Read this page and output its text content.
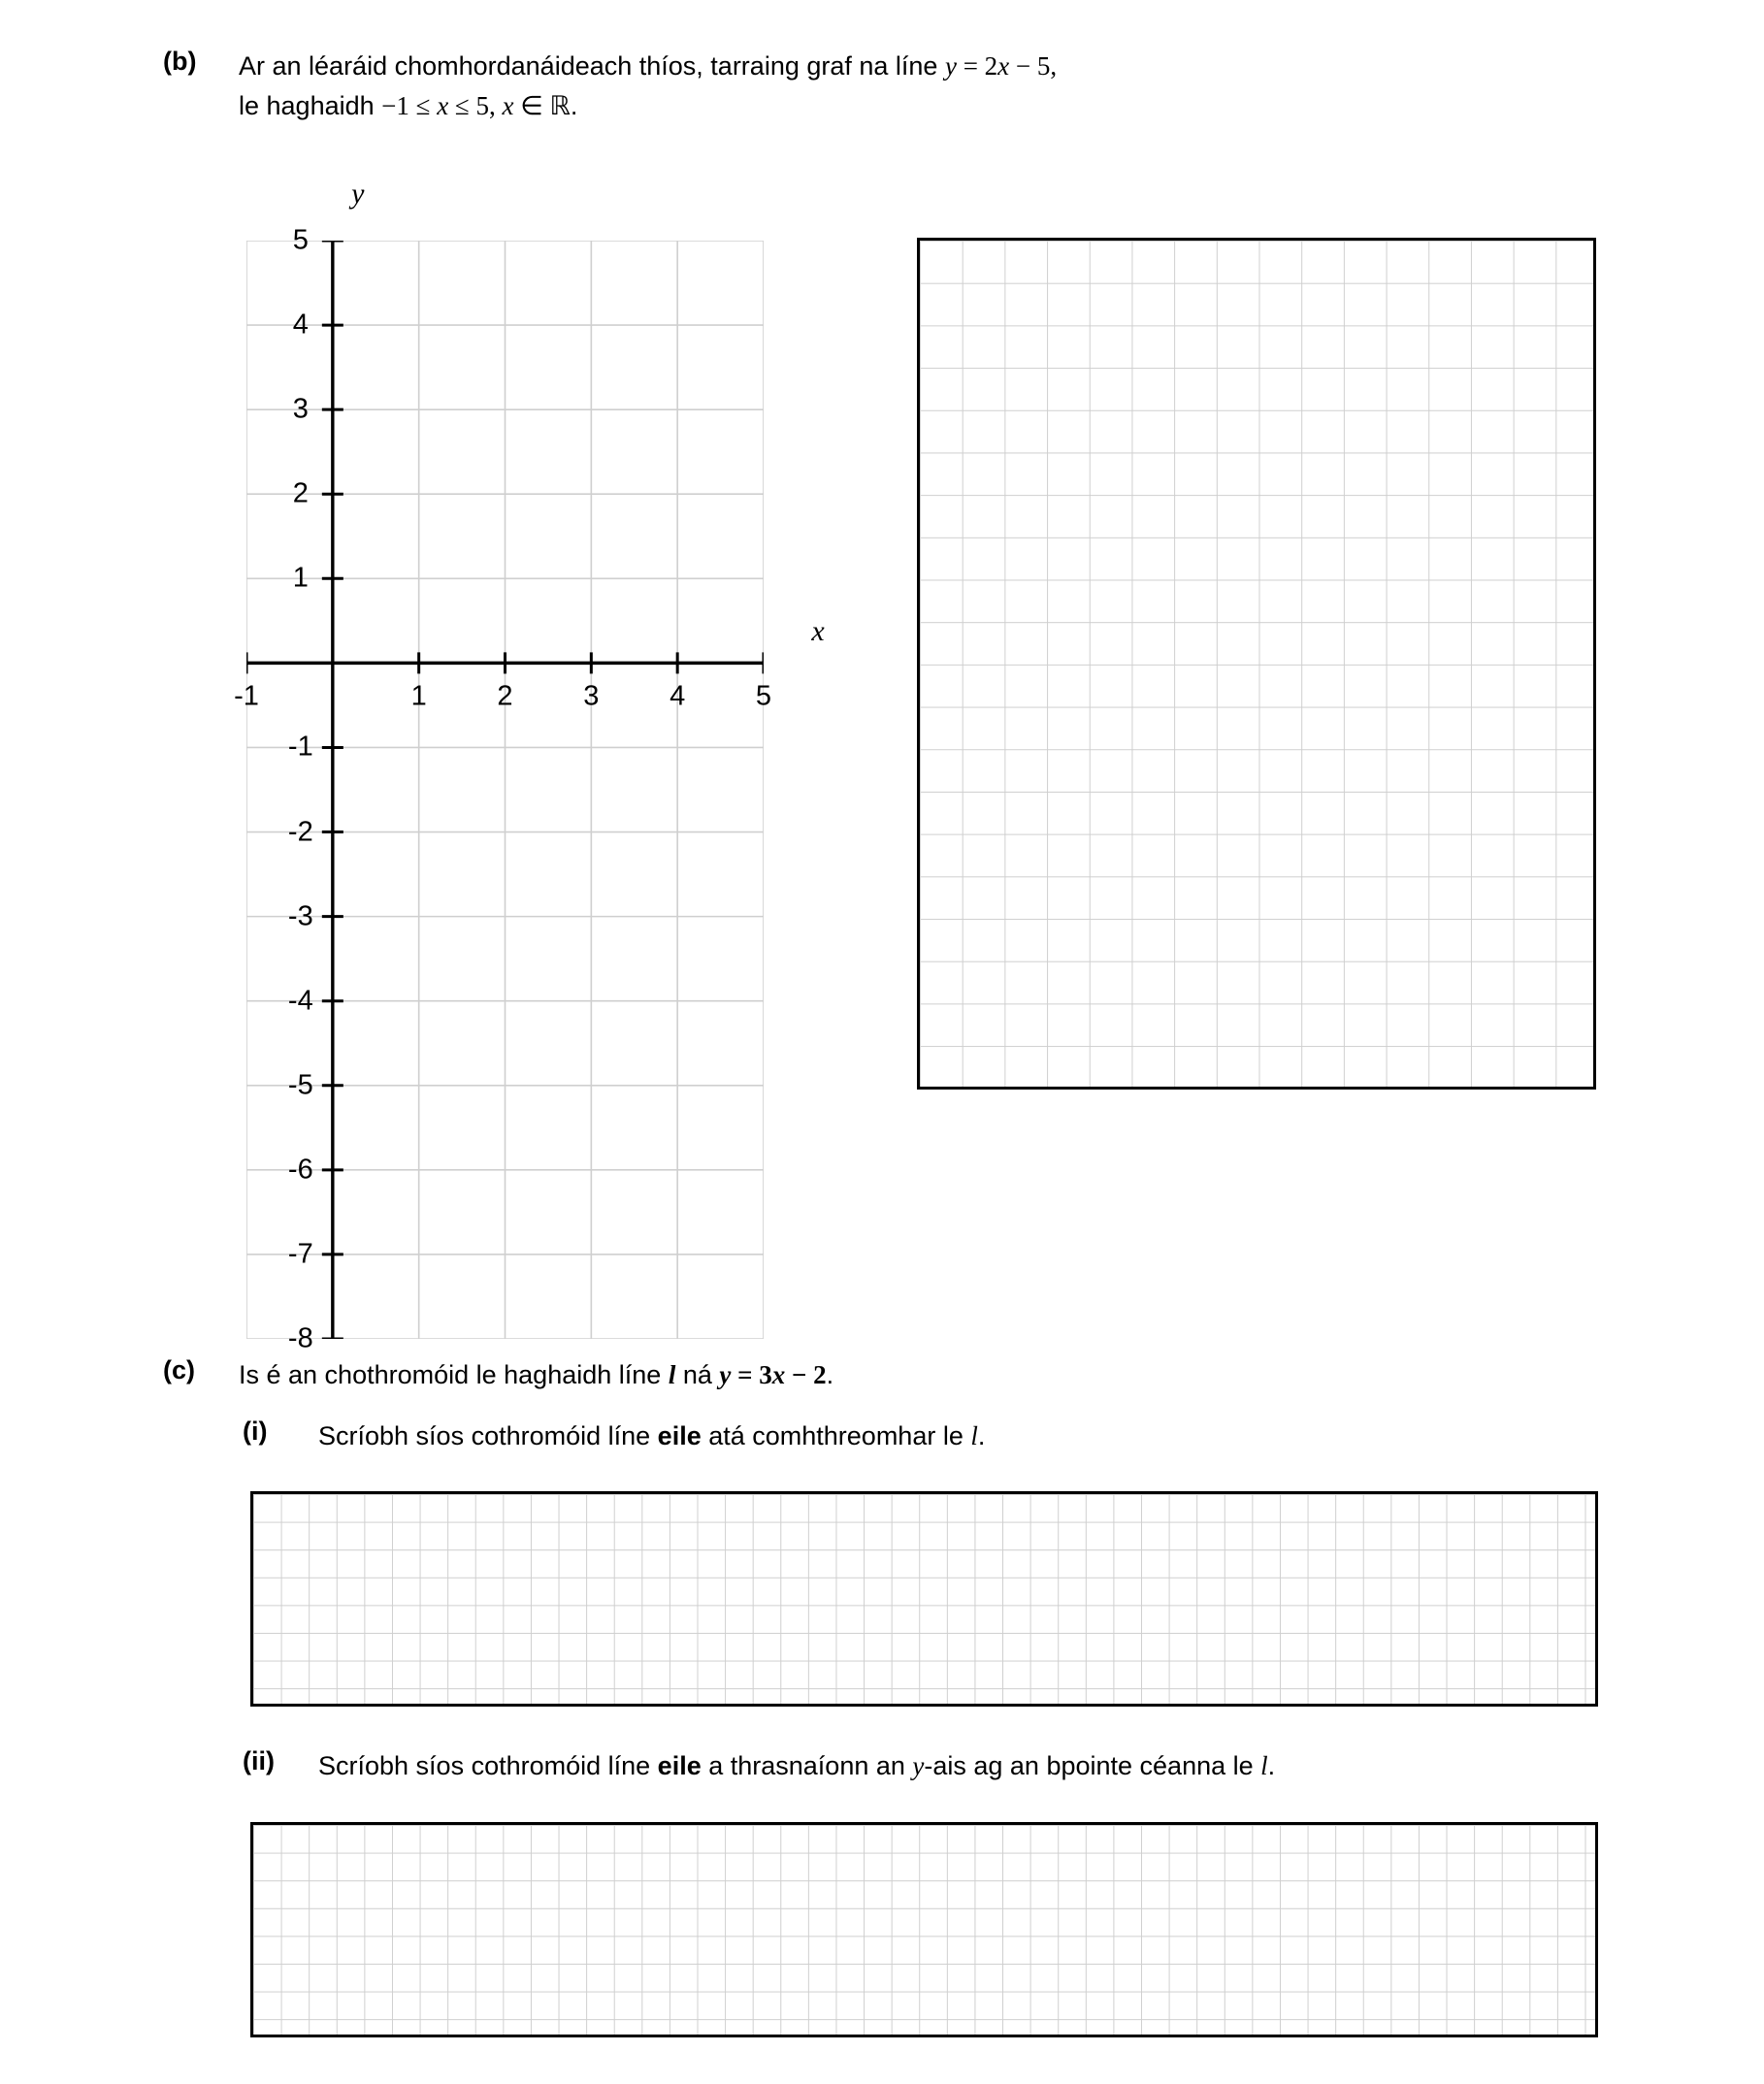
(b)	Ar an léaráid chomhordanáideach thíos, tarraing graf na líne y = 2x − 5,
le haghaidh −1 ≤ x ≤ 5, x ∈ ℝ.
-1	1	2	3	4	5
5
4
3
2
1
-1
-2
-3
-4
-5
-6
-7
-8
x
y
(c)	Is é an chothromóid le haghaidh líne l ná y = 3x − 2.
(i)	Scríobh síos cothromóid líne eile atá comhthreomhar le l.
(ii)	Scríobh síos cothromóid líne eile a thrasnaíonn an y-ais ag an bpointe céanna le l.
